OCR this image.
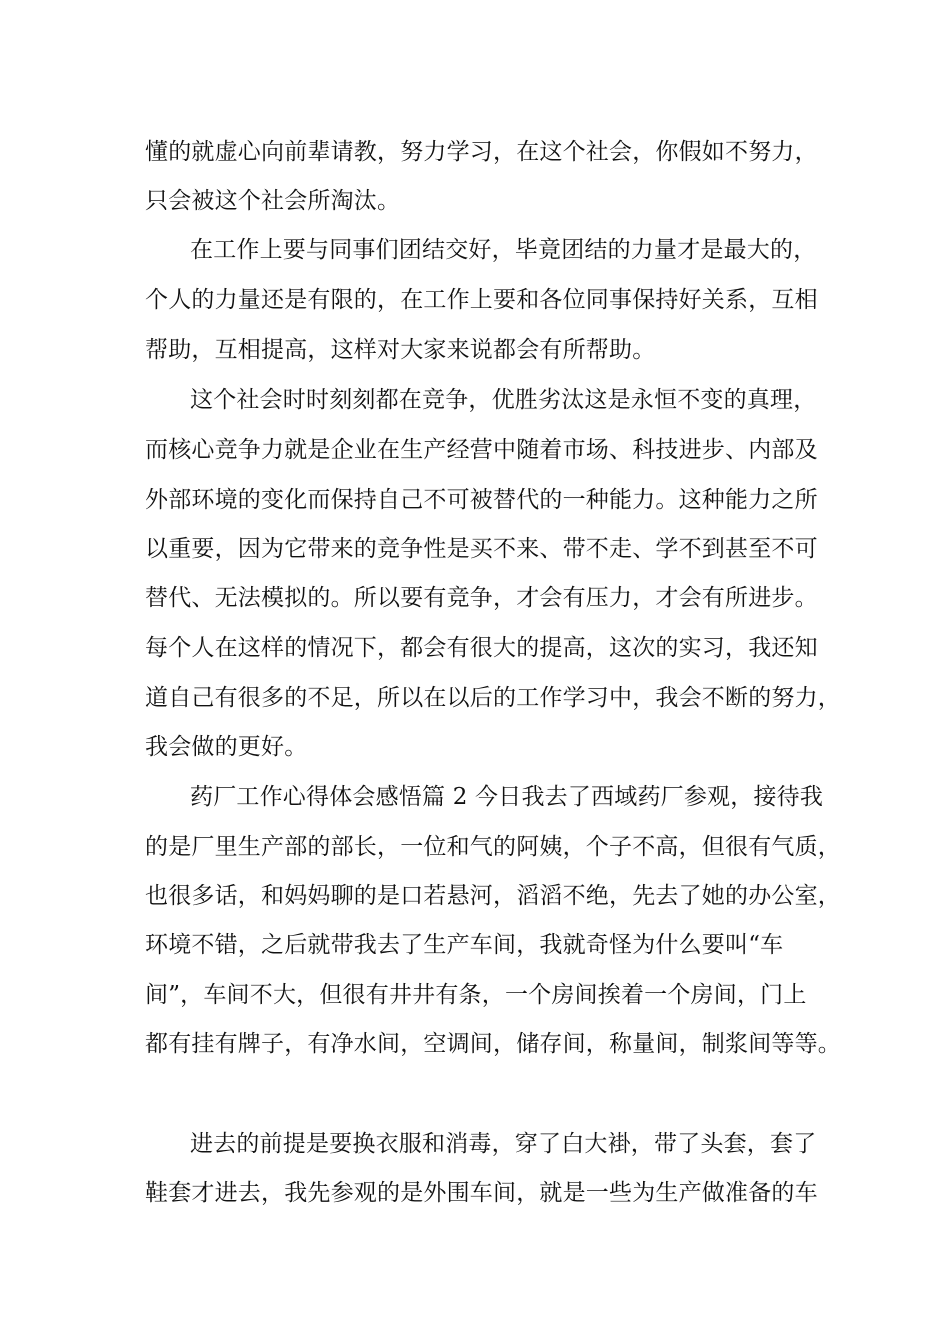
懂的就虚心向前辈请教，努力学习，在这个社会，你假如不努力，
只会被这个社会所淘汰。
在工作上要与同事们团结交好，毕竟团结的力量才是最大的，
个人的力量还是有限的，在工作上要和各位同事保持好关系，互相
帮助，互相提高，这样对大家来说都会有所帮助。
这个社会时时刻刻都在竞争，优胜劣汰这是永恒不变的真理，
而核心竞争力就是企业在生产经营中随着市场、科技进步、内部及
外部环境的变化而保持自己不可被替代的一种能力。这种能力之所
以重要，因为它带来的竞争性是买不来、带不走、学不到甚至不可
替代、无法模拟的。所以要有竞争，才会有压力，才会有所进步。
每个人在这样的情况下，都会有很大的提高，这次的实习，我还知
道自己有很多的不足，所以在以后的工作学习中，我会不断的努力，
我会做的更好。
药厂工作心得体会感悟篇 2 今日我去了西域药厂参观，接待我
的是厂里生产部的部长，一位和气的阿姨，个子不高，但很有气质，
也很多话，和妈妈聊的是口若悬河，滔滔不绝，先去了她的办公室，
环境不错，之后就带我去了生产车间，我就奇怪为什么要叫“车
间”，车间不大，但很有井井有条，一个房间挨着一个房间，门上
都有挂有牌子，有净水间，空调间，储存间，称量间，制浆间等等。
进去的前提是要换衣服和消毒，穿了白大褂，带了头套，套了
鞋套才进去，我先参观的是外围车间，就是一些为生产做准备的车
